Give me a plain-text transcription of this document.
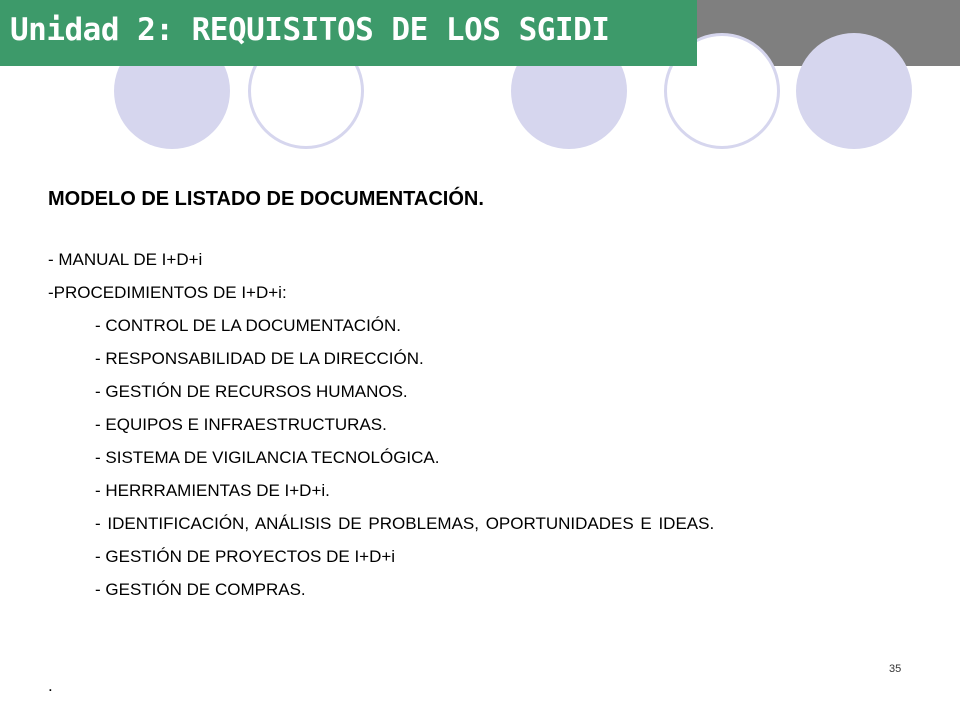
Unidad 2: REQUISITOS DE LOS SGIDI
MODELO DE LISTADO DE DOCUMENTACIÓN.
- MANUAL DE I+D+i
-PROCEDIMIENTOS DE I+D+i:
- CONTROL DE LA DOCUMENTACIÓN.
- RESPONSABILIDAD DE LA DIRECCIÓN.
- GESTIÓN DE RECURSOS HUMANOS.
- EQUIPOS E INFRAESTRUCTURAS.
- SISTEMA DE VIGILANCIA TECNOLÓGICA.
- HERRRAMIENTAS DE I+D+i.
- IDENTIFICACIÓN, ANÁLISIS DE PROBLEMAS, OPORTUNIDADES E IDEAS.
- GESTIÓN DE PROYECTOS DE I+D+i
- GESTIÓN DE COMPRAS.
.
35
